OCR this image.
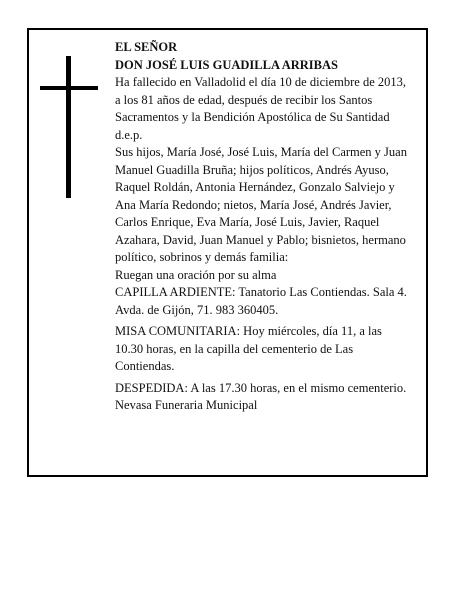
EL SEÑOR

DON JOSÉ LUIS GUADILLA ARRIBAS

Ha fallecido en Valladolid el día 10 de diciembre de 2013, a los 81 años de edad, después de recibir los Santos Sacramentos y la Bendición Apostólica de Su Santidad

d.e.p.

Sus hijos, María José, José Luis, María del Carmen y Juan Manuel Guadilla Bruña; hijos políticos, Andrés Ayuso, Raquel Roldán, Antonia Hernández, Gonzalo Salviejo y Ana María Redondo; nietos, María José, Andrés Javier, Carlos Enrique, Eva María, José Luis, Javier, Raquel Azahara, David, Juan Manuel y Pablo; bisnietos, hermano político, sobrinos y demás familia:

Ruegan una oración por su alma

CAPILLA ARDIENTE: Tanatorio Las Contiendas. Sala 4. Avda. de Gijón, 71. 983 360405.

MISA COMUNITARIA: Hoy miércoles, día 11, a las 10.30 horas, en la capilla del cementerio de Las Contiendas.

DESPEDIDA: A las 17.30 horas, en el mismo cementerio.

Nevasa Funeraria Municipal
